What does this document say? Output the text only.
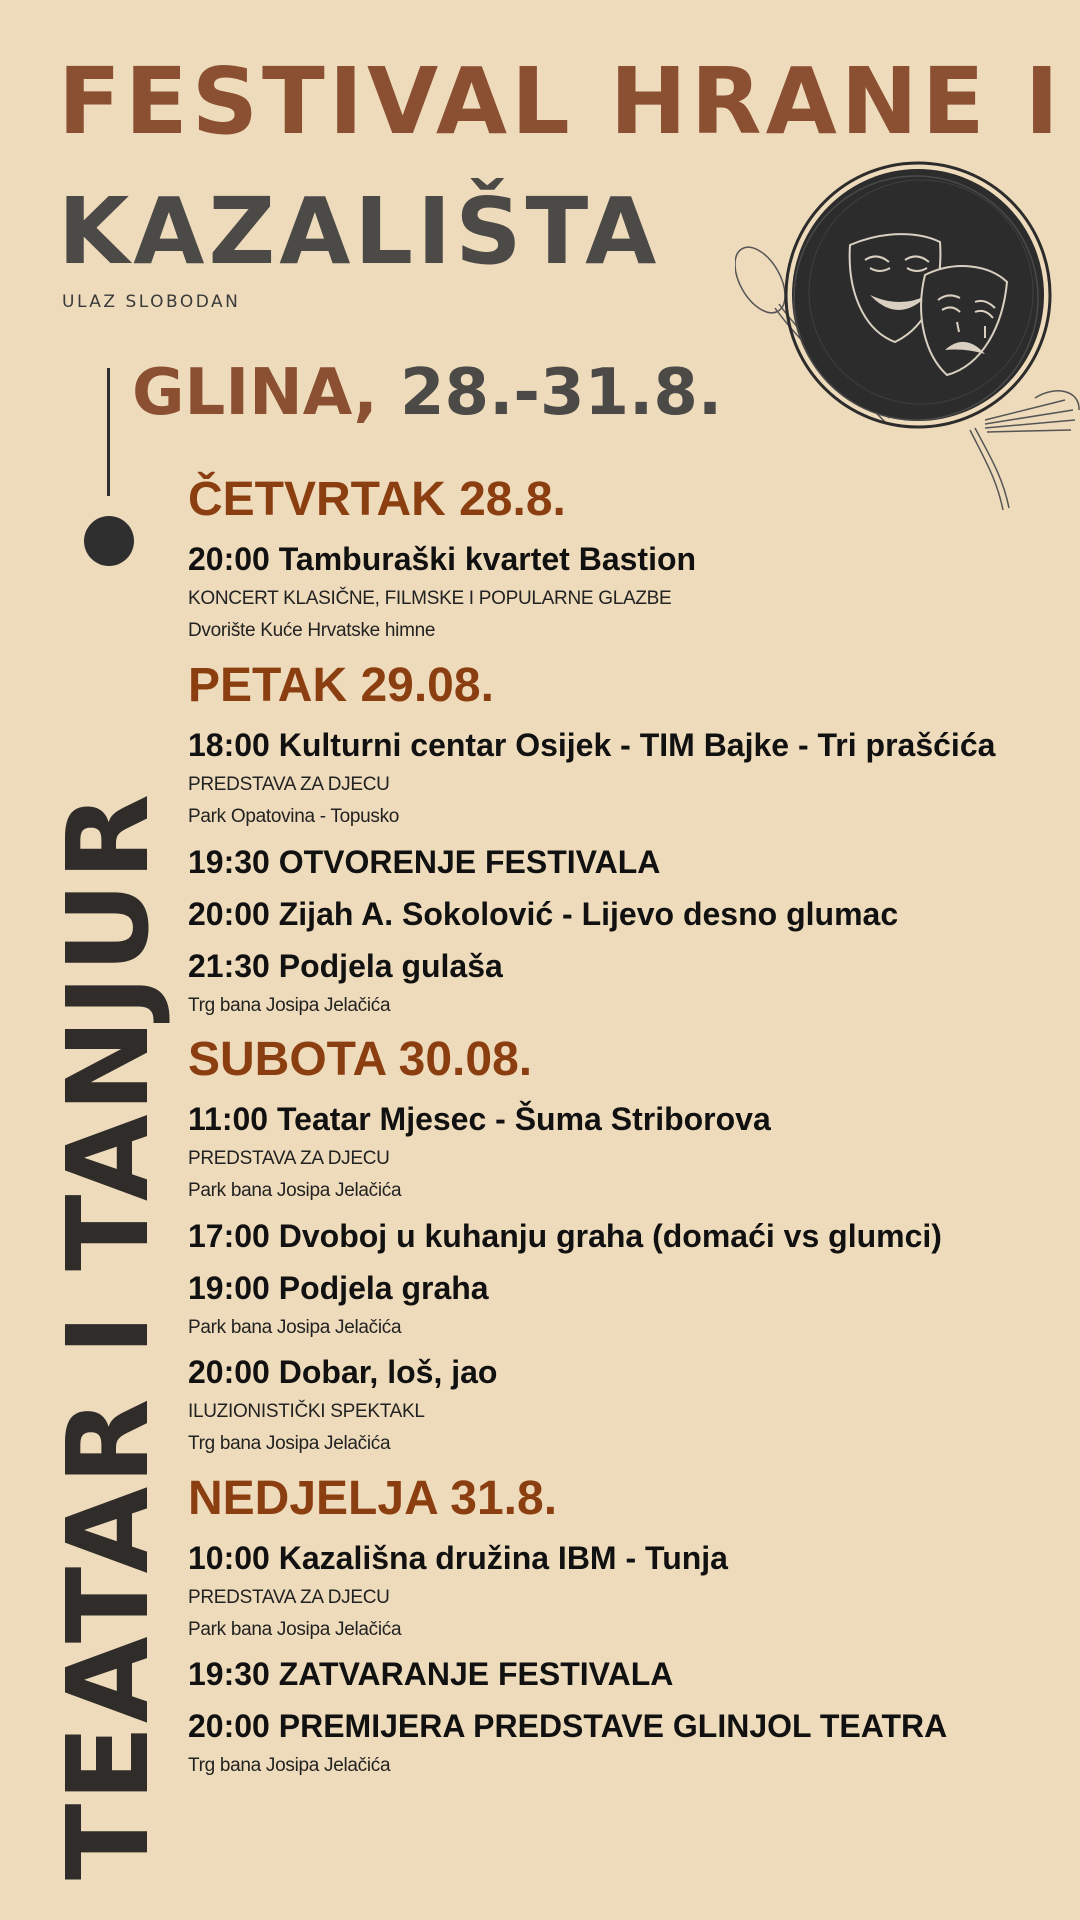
FESTIVAL HRANE I
KAZALIŠTA
ULAZ SLOBODAN
GLINA, 28.-31.8.
TEATAR I TANJUR
ČETVRTAK 28.8.
20:00 Tamburaški kvartet Bastion
KONCERT KLASIČNE, FILMSKE I POPULARNE GLAZBE
Dvorište Kuće Hrvatske himne
PETAK 29.08.
18:00 Kulturni centar Osijek - TIM Bajke - Tri prašćića
PREDSTAVA ZA DJECU
Park Opatovina - Topusko
19:30 OTVORENJE FESTIVALA
20:00 Zijah A. Sokolović - Lijevo desno glumac
21:30 Podjela gulaša
Trg bana Josipa Jelačića
SUBOTA 30.08.
11:00 Teatar Mjesec - Šuma Striborova
PREDSTAVA ZA DJECU
Park bana Josipa Jelačića
17:00 Dvoboj u kuhanju graha (domaći vs glumci)
19:00 Podjela graha
Park bana Josipa Jelačića
20:00 Dobar, loš, jao
ILUZIONISTIČKI SPEKTAKL
Trg bana Josipa Jelačića
NEDJELJA 31.8.
10:00 Kazališna družina IBM - Tunja
PREDSTAVA ZA DJECU
Park bana Josipa Jelačića
19:30 ZATVARANJE FESTIVALA
20:00 PREMIJERA PREDSTAVE GLINJOL TEATRA
Trg bana Josipa Jelačića
